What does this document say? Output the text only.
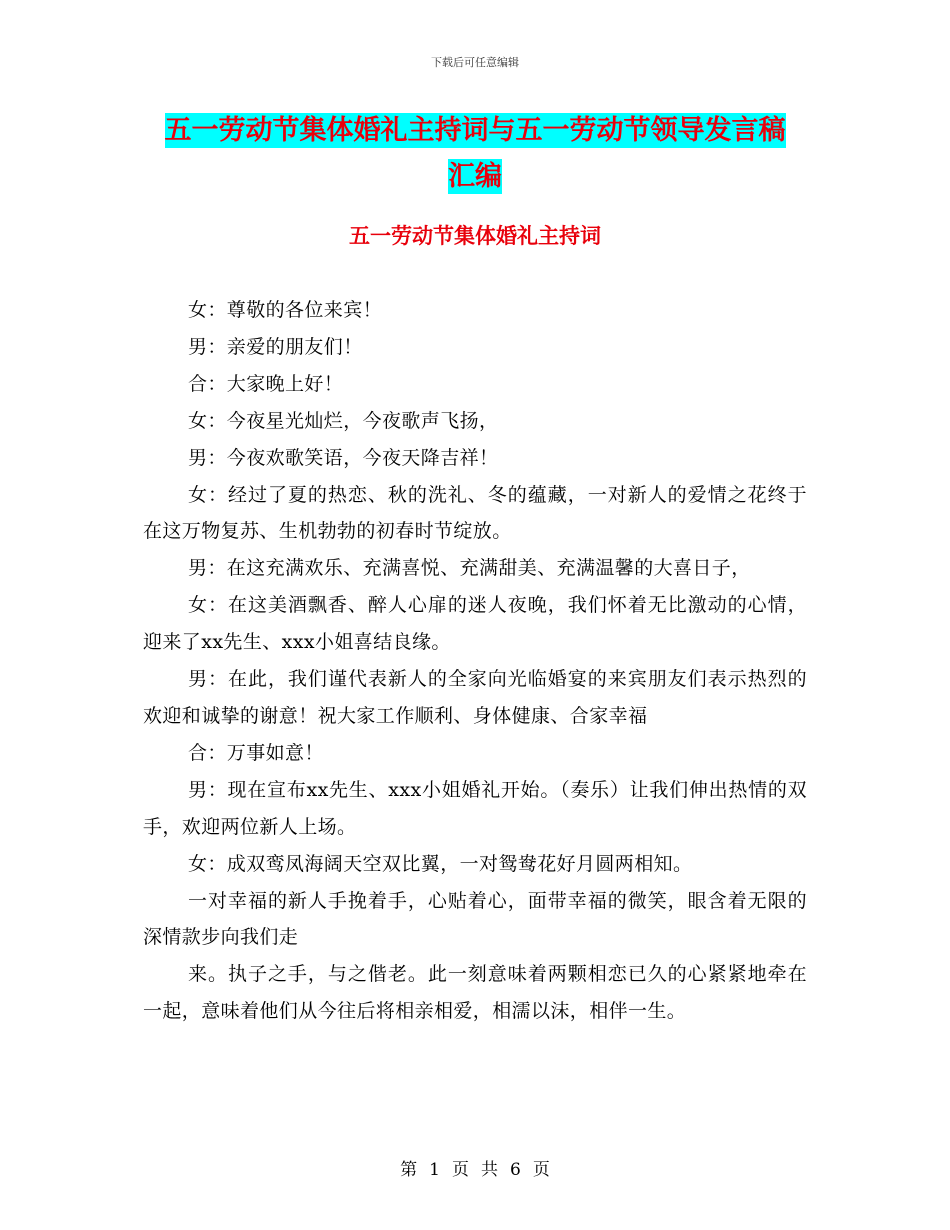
下载后可任意编辑
五一劳动节集体婚礼主持词与五一劳动节领导发言稿
汇编
五一劳动节集体婚礼主持词

女：尊敬的各位来宾！

男：亲爱的朋友们！

合：大家晚上好！

女：今夜星光灿烂，今夜歌声飞扬，

男：今夜欢歌笑语，今夜天降吉祥！

女：经过了夏的热恋、秋的洗礼、冬的蕴藏，一对新人的爱情之花终于在这万物复苏、生机勃勃的初春时节绽放。

男：在这充满欢乐、充满喜悦、充满甜美、充满温馨的大喜日子，

女：在这美酒飘香、醉人心扉的迷人夜晚，我们怀着无比激动的心情，迎来了xx先生、xxx小姐喜结良缘。

男：在此，我们谨代表新人的全家向光临婚宴的来宾朋友们表示热烈的欢迎和诚挚的谢意！祝大家工作顺利、身体健康、合家幸福

合：万事如意！

男：现在宣布xx先生、xxx小姐婚礼开始。（奏乐）让我们伸出热情的双手，欢迎两位新人上场。

女：成双鸾凤海阔天空双比翼，一对鸳鸯花好月圆两相知。

一对幸福的新人手挽着手，心贴着心，面带幸福的微笑，眼含着无限的深情款步向我们走

来。执子之手，与之偕老。此一刻意味着两颗相恋已久的心紧紧地牵在一起，意味着他们从今往后将相亲相爱，相濡以沫，相伴一生。

第 1 页 共 6 页
